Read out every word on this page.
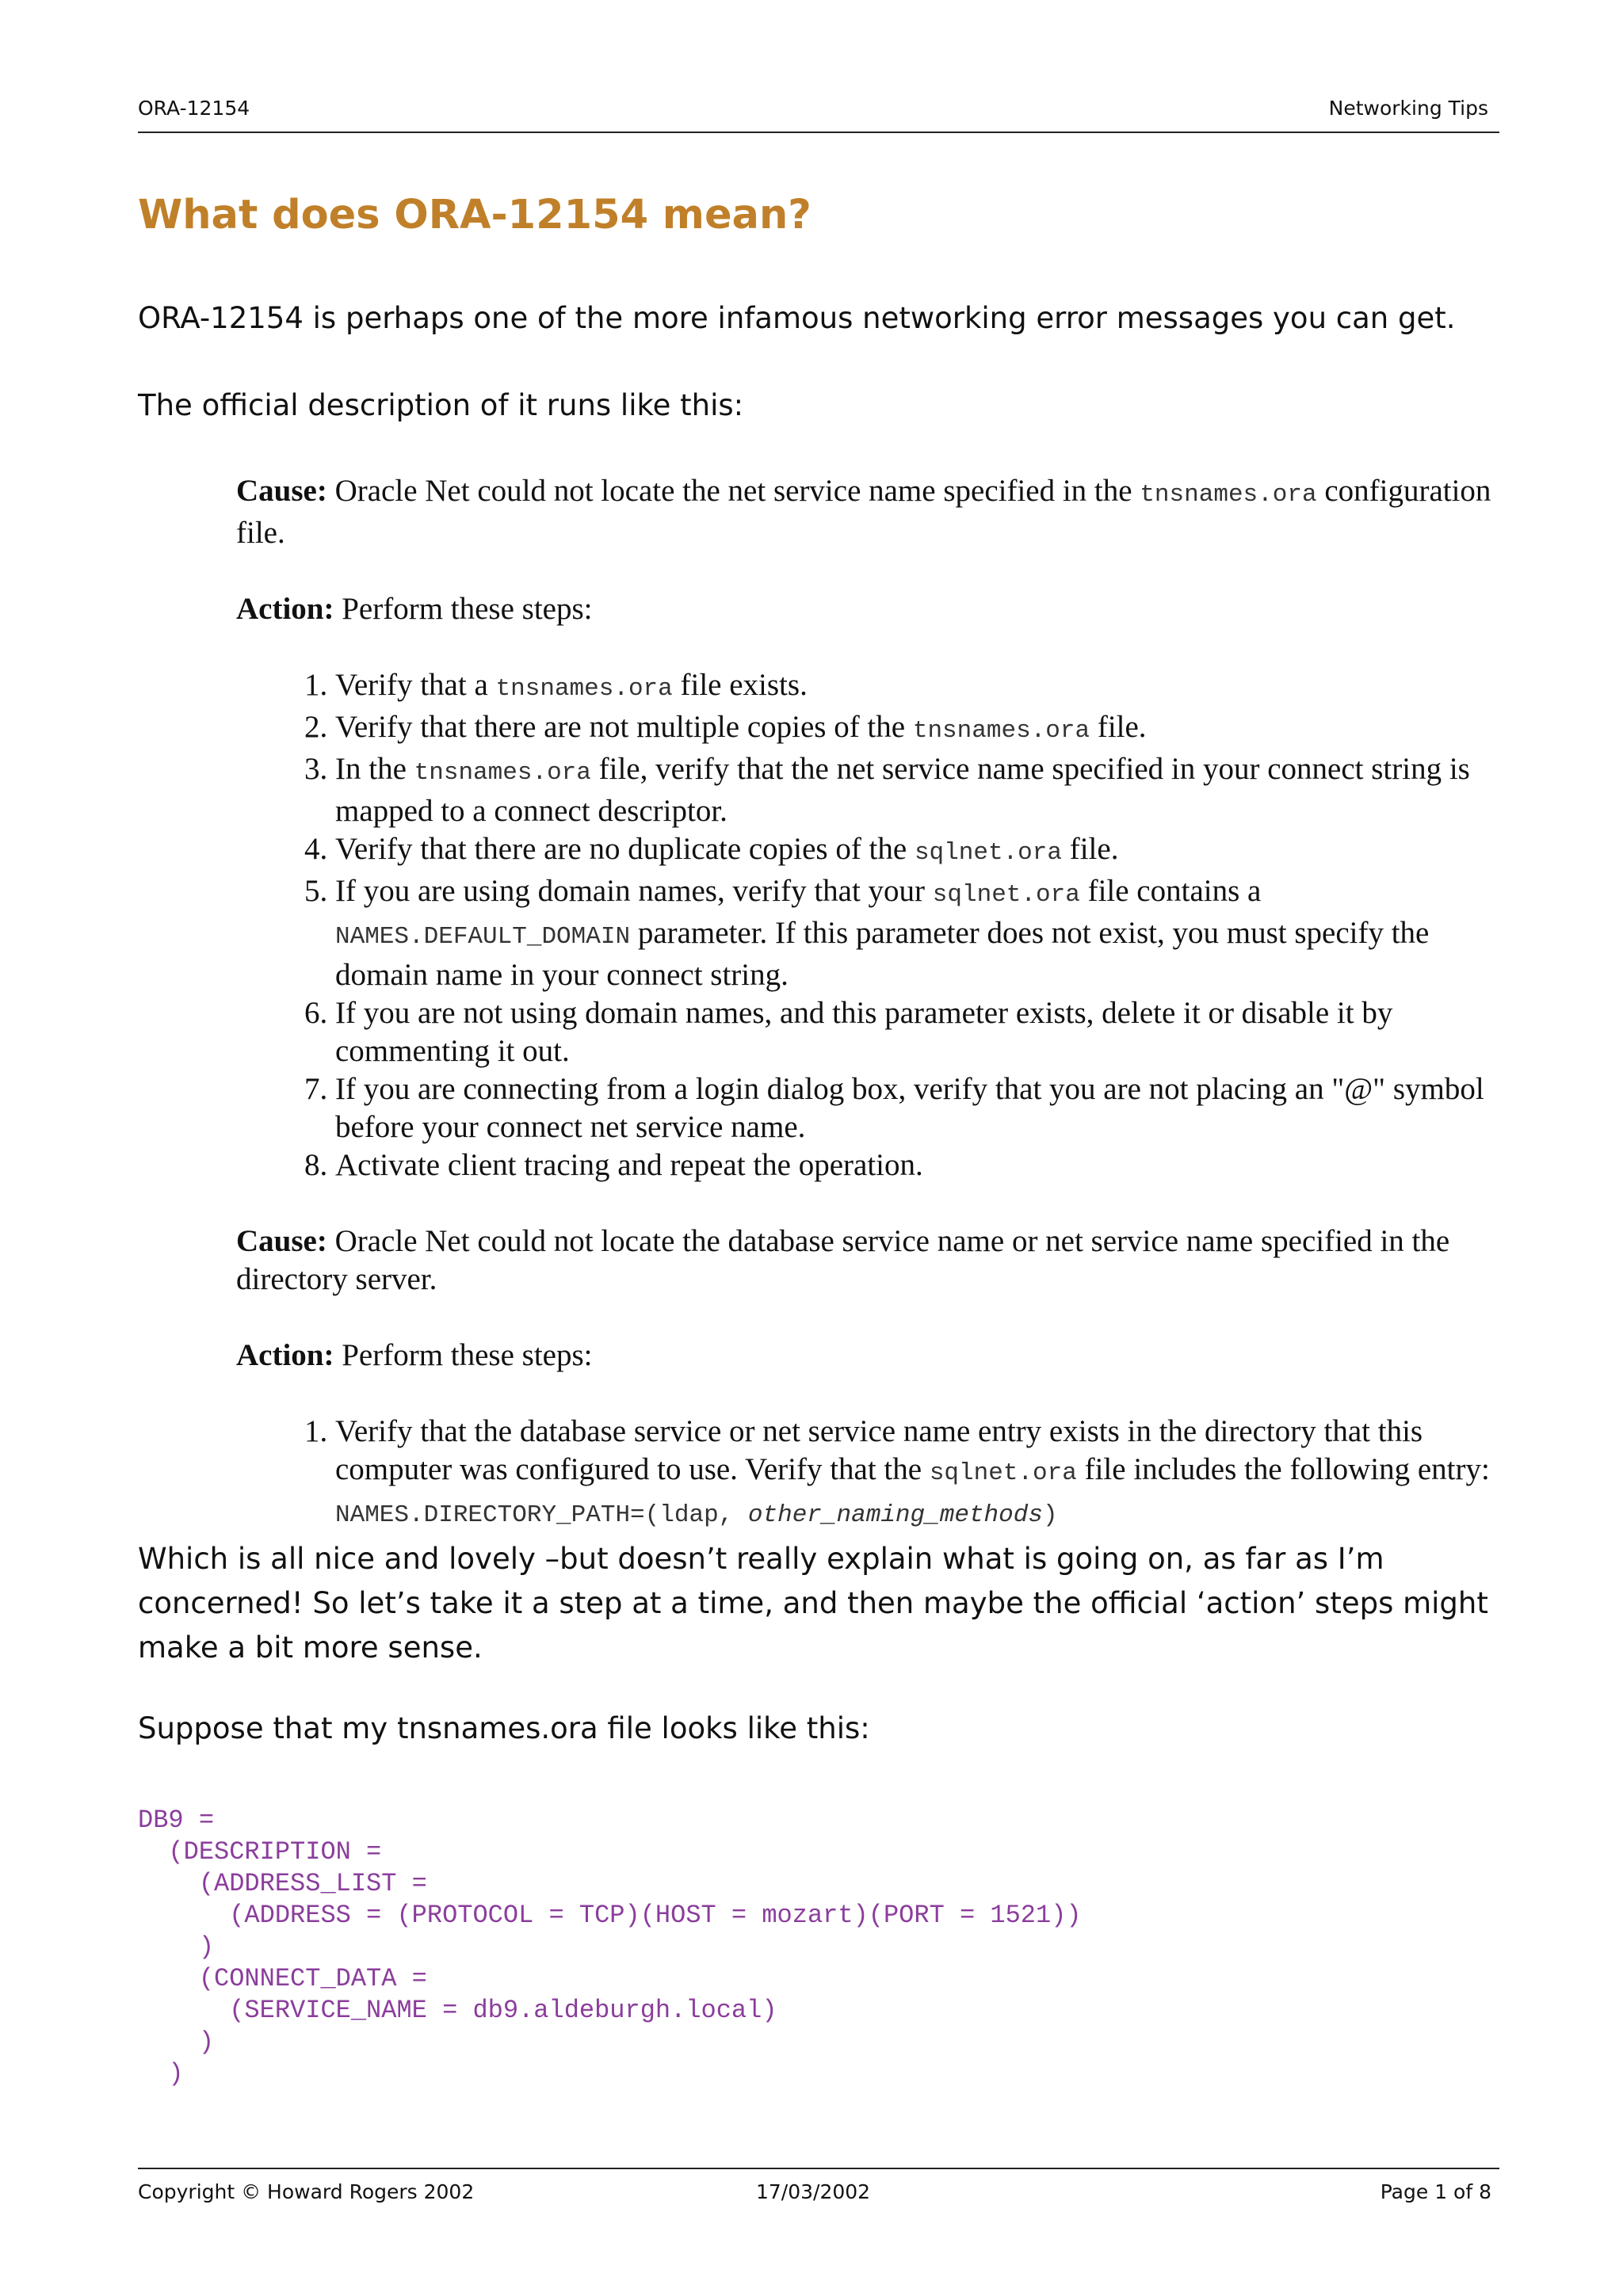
ORA-12154	Networking Tips
What does ORA-12154 mean?

ORA-12154 is perhaps one of the more infamous networking error messages you can get.

The official description of it runs like this:

Cause: Oracle Net could not locate the net service name specified in the tnsnames.ora configuration file.

Action: Perform these steps:

1. Verify that a tnsnames.ora file exists.
2. Verify that there are not multiple copies of the tnsnames.ora file.
3. In the tnsnames.ora file, verify that the net service name specified in your connect string is mapped to a connect descriptor.
4. Verify that there are no duplicate copies of the sqlnet.ora file.
5. If you are using domain names, verify that your sqlnet.ora file contains a NAMES.DEFAULT_DOMAIN parameter. If this parameter does not exist, you must specify the domain name in your connect string.
6. If you are not using domain names, and this parameter exists, delete it or disable it by commenting it out.
7. If you are connecting from a login dialog box, verify that you are not placing an "@" symbol before your connect net service name.
8. Activate client tracing and repeat the operation.

Cause: Oracle Net could not locate the database service name or net service name specified in the directory server.

Action: Perform these steps:

1. Verify that the database service or net service name entry exists in the directory that this computer was configured to use. Verify that the sqlnet.ora file includes the following entry: NAMES.DIRECTORY_PATH=(ldap, other_naming_methods)

Which is all nice and lovely –but doesn’t really explain what is going on, as far as I’m concerned! So let’s take it a step at a time, and then maybe the official ‘action’ steps might make a bit more sense.

Suppose that my tnsnames.ora file looks like this:

DB9 =
(DESCRIPTION =
(ADDRESS_LIST =
(ADDRESS = (PROTOCOL = TCP)(HOST = mozart)(PORT = 1521))
)
(CONNECT_DATA =
(SERVICE_NAME = db9.aldeburgh.local)
)
)
Copyright © Howard Rogers 2002	17/03/2002	Page 1 of 8
